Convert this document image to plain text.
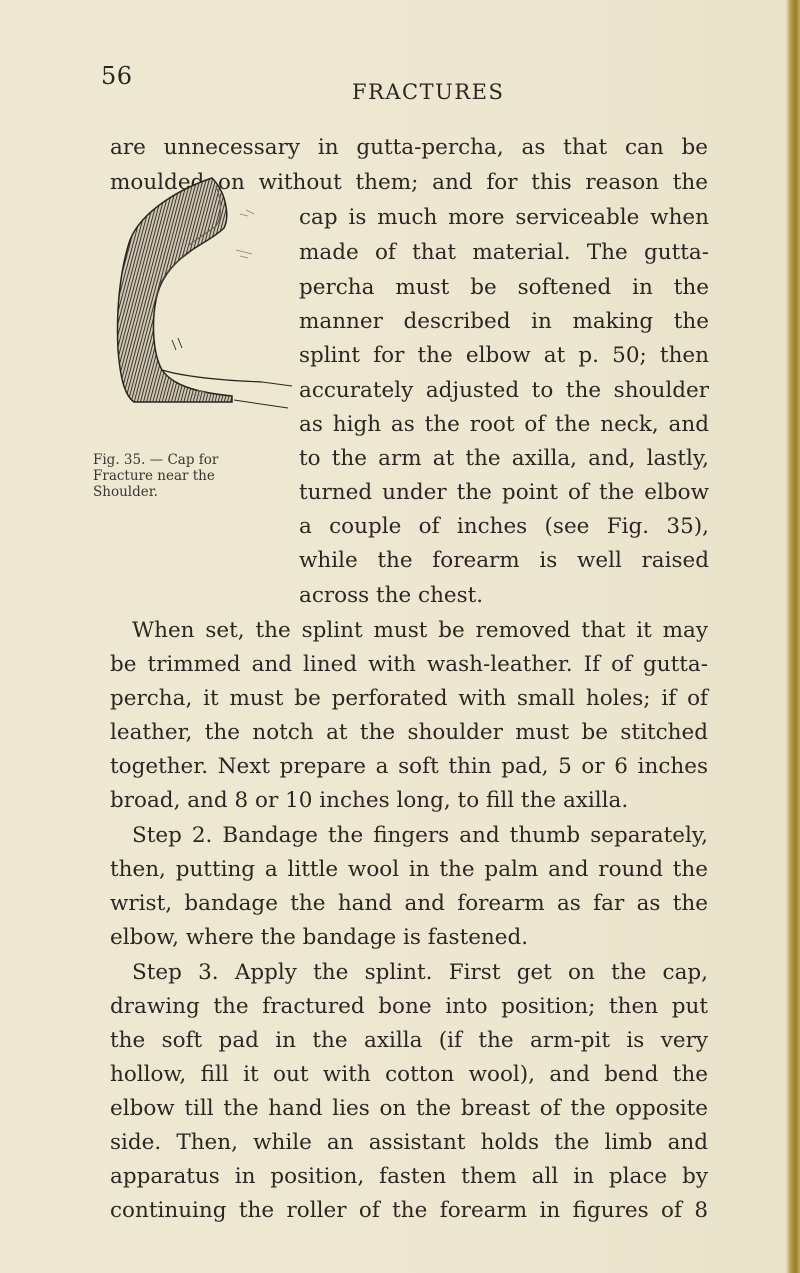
56
FRACTURES
are unnecessary in gutta-percha, as that can be
moulded on without them; and for this reason the
cap is much more serviceable when
made of that material. The gutta-
percha must be softened in the
manner described in making the
splint for the elbow at p. 50; then
accurately adjusted to the shoulder
as high as the root of the neck, and
to the arm at the axilla, and, lastly,
turned under the point of the elbow
a couple of inches (see Fig. 35),
while the forearm is well raised
across the chest.
When set, the splint must be removed that it may
be trimmed and lined with wash-leather. If of gutta-
percha, it must be perforated with small holes; if of
leather, the notch at the shoulder must be stitched
together. Next prepare a soft thin pad, 5 or 6 inches
broad, and 8 or 10 inches long, to fill the axilla.
Step 2. Bandage the fingers and thumb separately,
then, putting a little wool in the palm and round the
wrist, bandage the hand and forearm as far as the
elbow, where the bandage is fastened.
Step 3. Apply the splint. First get on the cap,
drawing the fractured bone into position; then put
the soft pad in the axilla (if the arm-pit is very
hollow, fill it out with cotton wool), and bend the
elbow till the hand lies on the breast of the opposite
side. Then, while an assistant holds the limb and
apparatus in position, fasten them all in place by
continuing the roller of the forearm in figures of 8
Fig. 35. — Cap for
Fracture near the
Shoulder.
